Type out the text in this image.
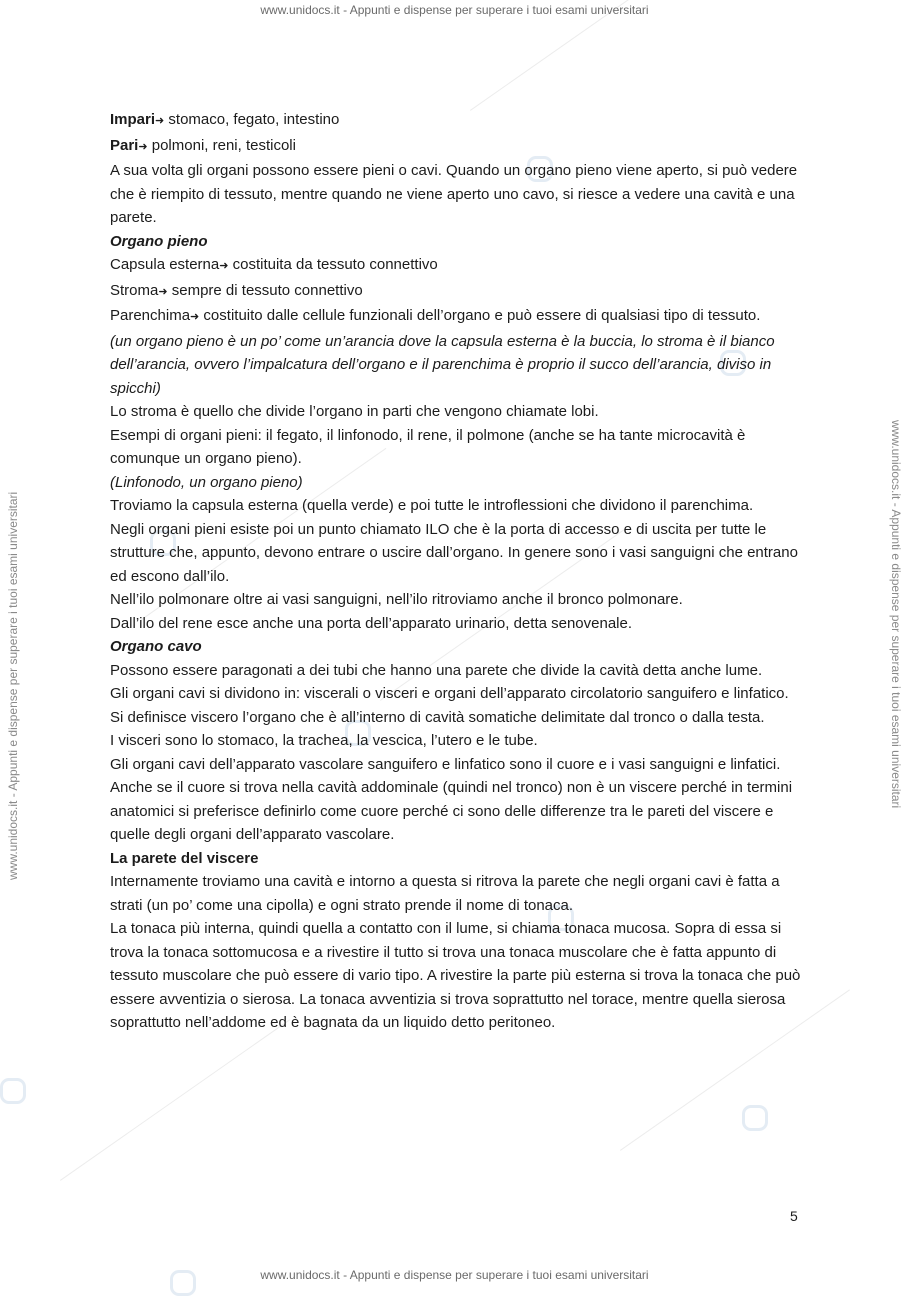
www.unidocs.it - Appunti e dispense per superare i tuoi esami universitari
www.unidocs.it - Appunti e dispense per superare i tuoi esami universitari
www.unidocs.it - Appunti e dispense per superare i tuoi esami universitari	www.unidocs.it - Appunti e dispense per superare i tuoi esami universitari

Impari➜ stomaco, fegato, intestino

Pari➜ polmoni, reni, testicoli

A sua volta gli organi possono essere pieni o cavi. Quando un organo pieno viene aperto, si può vedere che è riempito di tessuto, mentre quando ne viene aperto uno cavo, si riesce a vedere una cavità e una parete.

Organo pieno

Capsula esterna➜ costituita da tessuto connettivo

Stroma➜ sempre di tessuto connettivo

Parenchima➜ costituito dalle cellule funzionali dell’organo e può essere di qualsiasi tipo di tessuto.

(un organo pieno è un po’ come un’arancia dove la capsula esterna è la buccia, lo stroma è il bianco dell’arancia, ovvero l’impalcatura dell’organo e il parenchima è proprio il succo dell’arancia, diviso in spicchi)

Lo stroma è quello che divide l’organo in parti che vengono chiamate lobi.

Esempi di organi pieni: il fegato, il linfonodo, il rene, il polmone (anche se ha tante microcavità è comunque un organo pieno).

(Linfonodo, un organo pieno)

Troviamo la capsula esterna (quella verde) e poi tutte le introflessioni che dividono il parenchima.

Negli organi pieni esiste poi un punto chiamato ILO che è la porta di accesso e di uscita per tutte le strutture che, appunto, devono entrare o uscire dall’organo. In genere sono i vasi sanguigni che entrano ed escono dall’ilo.

Nell’ilo polmonare oltre ai vasi sanguigni, nell’ilo ritroviamo anche il bronco polmonare.

Dall’ilo del rene esce anche una porta dell’apparato urinario, detta senovenale.

Organo cavo

Possono essere paragonati a dei tubi che hanno una parete che divide la cavità detta anche lume.

Gli organi cavi si dividono in: viscerali o visceri e organi dell’apparato circolatorio sanguifero e linfatico.

Si definisce viscero l’organo che è all’interno di cavità somatiche delimitate dal tronco o dalla testa.

I visceri sono lo stomaco, la trachea, la vescica, l’utero e le tube.

Gli organi cavi dell’apparato vascolare sanguifero e linfatico sono il cuore e i vasi sanguigni e linfatici. Anche se il cuore si trova nella cavità addominale (quindi nel tronco) non è un viscere perché in termini anatomici si preferisce definirlo come cuore perché ci sono delle differenze tra le pareti del viscere e quelle degli organi dell’apparato vascolare.

La parete del viscere

Internamente troviamo una cavità e intorno a questa si ritrova la parete che negli organi cavi è fatta a strati (un po’ come una cipolla) e ogni strato prende il nome di tonaca.

La tonaca più interna, quindi quella a contatto con il lume, si chiama tonaca mucosa. Sopra di essa si trova la tonaca sottomucosa e a rivestire il tutto si trova una tonaca muscolare che è fatta appunto di tessuto muscolare che può essere di vario tipo. A rivestire la parte più esterna si trova la tonaca che può essere avventizia o sierosa. La tonaca avventizia si trova soprattutto nel torace, mentre quella sierosa soprattutto nell’addome ed è bagnata da un liquido detto peritoneo.

5
